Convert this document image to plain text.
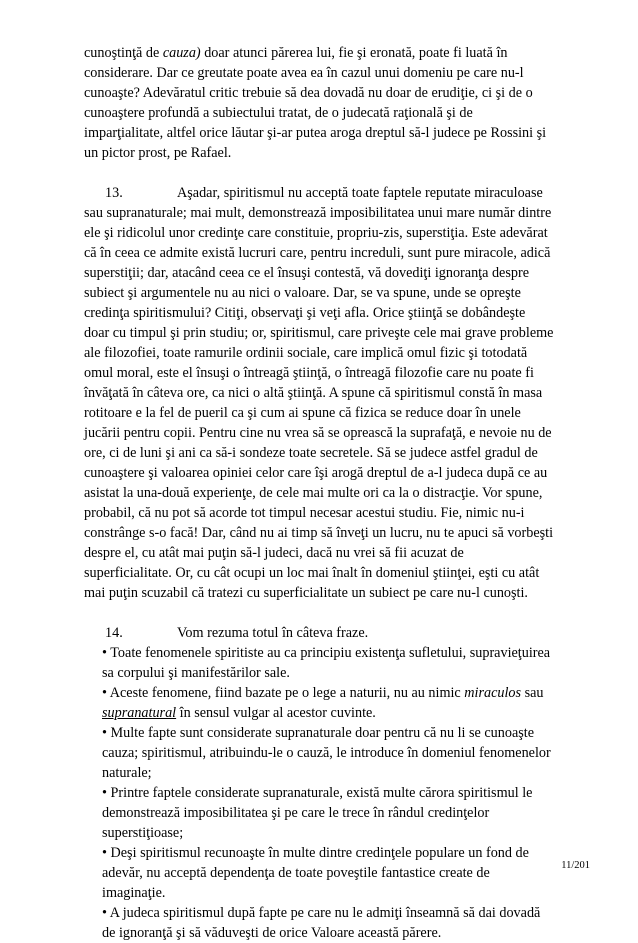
cunoştinţă de cauza) doar atunci părerea lui, fie şi eronată, poate fi luată în considerare. Dar ce greutate poate avea ea în cazul unui domeniu pe care nu-l cunoaşte? Adevăratul critic trebuie să dea dovadă nu doar de erudiţie, ci şi de o cunoaştere profundă a subiectului tratat, de o judecată raţională şi de imparţialitate, altfel orice lăutar şi-ar putea aroga dreptul să-l judece pe Rossini şi un pictor prost, pe Rafael.

13.	Aşadar, spiritismul nu acceptă toate faptele reputate miraculoase sau supranaturale; mai mult, demonstrează imposibilitatea unui mare număr dintre ele şi ridicolul unor credinţe care constituie, propriu-zis, superstiţia. Este adevărat că în ceea ce admite există lucruri care, pentru increduli, sunt pure miracole, adică superstiţii; dar, atacând ceea ce el însuşi contestă, vă dovediţi ignoranţa despre subiect şi argumentele nu au nici o valoare. Dar, se va spune, unde se opreşte credinţa spiritismului? Citiţi, observaţi şi veţi afla. Orice ştiinţă se dobândeşte doar cu timpul şi prin studiu; or, spiritismul, care priveşte cele mai grave probleme ale filozofiei, toate ramurile ordinii sociale, care implică omul fizic şi totodată omul moral, este el însuşi o întreagă ştiinţă, o întreagă filozofie care nu poate fi învăţată în câteva ore, ca nici o altă ştiinţă. A spune că spiritismul constă în masa rotitoare e la fel de pueril ca şi cum ai spune că fizica se reduce doar în unele jucării pentru copii. Pentru cine nu vrea să se oprească la suprafaţă, e nevoie nu de ore, ci de luni şi ani ca să-i sondeze toate secretele. Să se judece astfel gradul de cunoaştere şi valoarea opiniei celor care îşi arogă dreptul de a-l judeca după ce au asistat la una-două experienţe, de cele mai multe ori ca la o distracţie. Vor spune, probabil, că nu pot să acorde tot timpul necesar acestui studiu. Fie, nimic nu-i constrânge s-o facă! Dar, când nu ai timp să înveţi un lucru, nu te apuci să vorbeşti despre el, cu atât mai puţin să-l judeci, dacă nu vrei să fii acuzat de superficialitate. Or, cu cât ocupi un loc mai înalt în domeniul ştiinţei, eşti cu atât mai puţin scuzabil că tratezi cu superficialitate un subiect pe care nu-l cunoşti.

14.	Vom rezuma totul în câteva fraze.

• Toate fenomenele spiritiste au ca principiu existenţa sufletului, supravieţuirea sa corpului şi manifestărilor sale.

• Aceste fenomene, fiind bazate pe o lege a naturii, nu au nimic miraculos sau supranatural în sensul vulgar al acestor cuvinte.

• Multe fapte sunt considerate supranaturale doar pentru că nu li se cunoaşte cauza; spiritismul, atribuindu-le o cauză, le introduce în domeniul fenomenelor naturale;

• Printre faptele considerate supranaturale, există multe cărora spiritismul le demonstrează imposibilitatea şi pe care le trece în rândul credinţelor superstiţioase;

• Deşi spiritismul recunoaşte în multe dintre credinţele populare un fond de adevăr, nu acceptă dependenţa de toate poveştile fantastice create de imaginaţie.

• A judeca spiritismul după fapte pe care nu le admiţi înseamnă să dai dovadă de ignoranţă şi să văduveşti de orice Valoare această părere.

11/201
